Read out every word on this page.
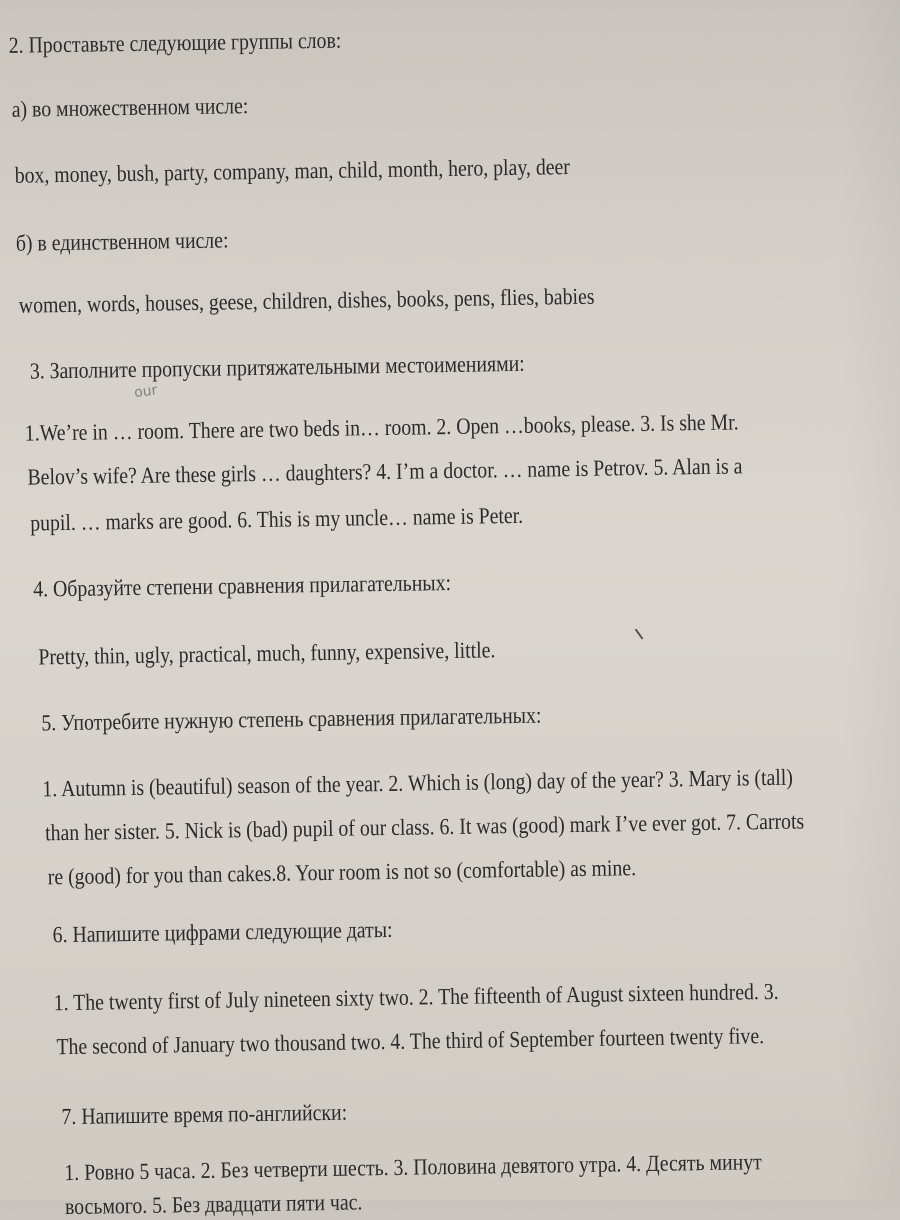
2. Проставьте следующие группы слов:
а) во множественном числе:
box, money, bush, party, company, man, child, month, hero, play, deer
б) в единственном числе:
women, words, houses, geese, children, dishes, books, pens, flies, babies
3. Заполните пропуски притяжательными местоимениями:
our
1.We’re in … room. There are two beds in… room. 2. Open …books, please. 3. Is she Mr.
Belov’s wife? Are these girls … daughters? 4. I’m a doctor. … name is Petrov. 5. Alan is a
pupil. … marks are good. 6. This is my uncle… name is Peter.
4. Образуйте степени сравнения прилагательных:
Pretty, thin, ugly, practical, much, funny, expensive, little.
5. Употребите нужную степень сравнения прилагательных:
1. Autumn is (beautiful) season of the year. 2. Which is (long) day of the year? 3. Mary is (tall)
than her sister. 5. Nick is (bad) pupil of our class. 6. It was (good) mark I’ve ever got. 7. Carrots
re (good) for you than cakes.8. Your room is not so (comfortable) as mine.
6. Напишите цифрами следующие даты:
1. The twenty first of July nineteen sixty two. 2. The fifteenth of August sixteen hundred. 3.
The second of January two thousand two. 4. The third of September fourteen twenty five.
7. Напишите время по-английски:
1. Ровно 5 часа. 2. Без четверти шесть. 3. Половина девятого утра. 4. Десять минут
восьмого. 5. Без двадцати пяти час.
